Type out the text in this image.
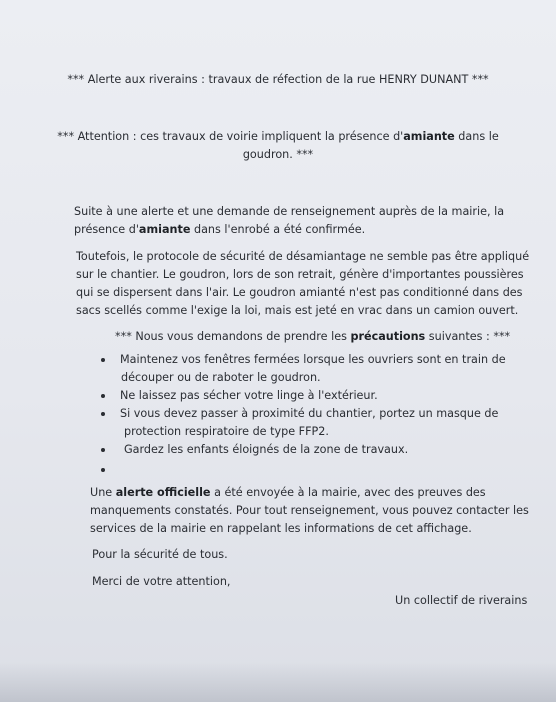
*** Alerte aux riverains : travaux de réfection de la rue HENRY DUNANT ***
*** Attention : ces travaux de voirie impliquent la présence d'amiante dans le
goudron. ***
Suite à une alerte et une demande de renseignement auprès de la mairie, la
présence d'amiante dans l'enrobé a été confirmée.
Toutefois, le protocole de sécurité de désamiantage ne semble pas être appliqué
sur le chantier. Le goudron, lors de son retrait, génère d'importantes poussières
qui se dispersent dans l'air. Le goudron amianté n'est pas conditionné dans des
sacs scellés comme l'exige la loi, mais est jeté en vrac dans un camion ouvert.
*** Nous vous demandons de prendre les précautions suivantes : ***
Maintenez vos fenêtres fermées lorsque les ouvriers sont en train de
découper ou de raboter le goudron.
Ne laissez pas sécher votre linge à l'extérieur.
Si vous devez passer à proximité du chantier, portez un masque de
protection respiratoire de type FFP2.
Gardez les enfants éloignés de la zone de travaux.
Une alerte officielle a été envoyée à la mairie, avec des preuves des
manquements constatés. Pour tout renseignement, vous pouvez contacter les
services de la mairie en rappelant les informations de cet affichage.
Pour la sécurité de tous.
Merci de votre attention,
Un collectif de riverains
